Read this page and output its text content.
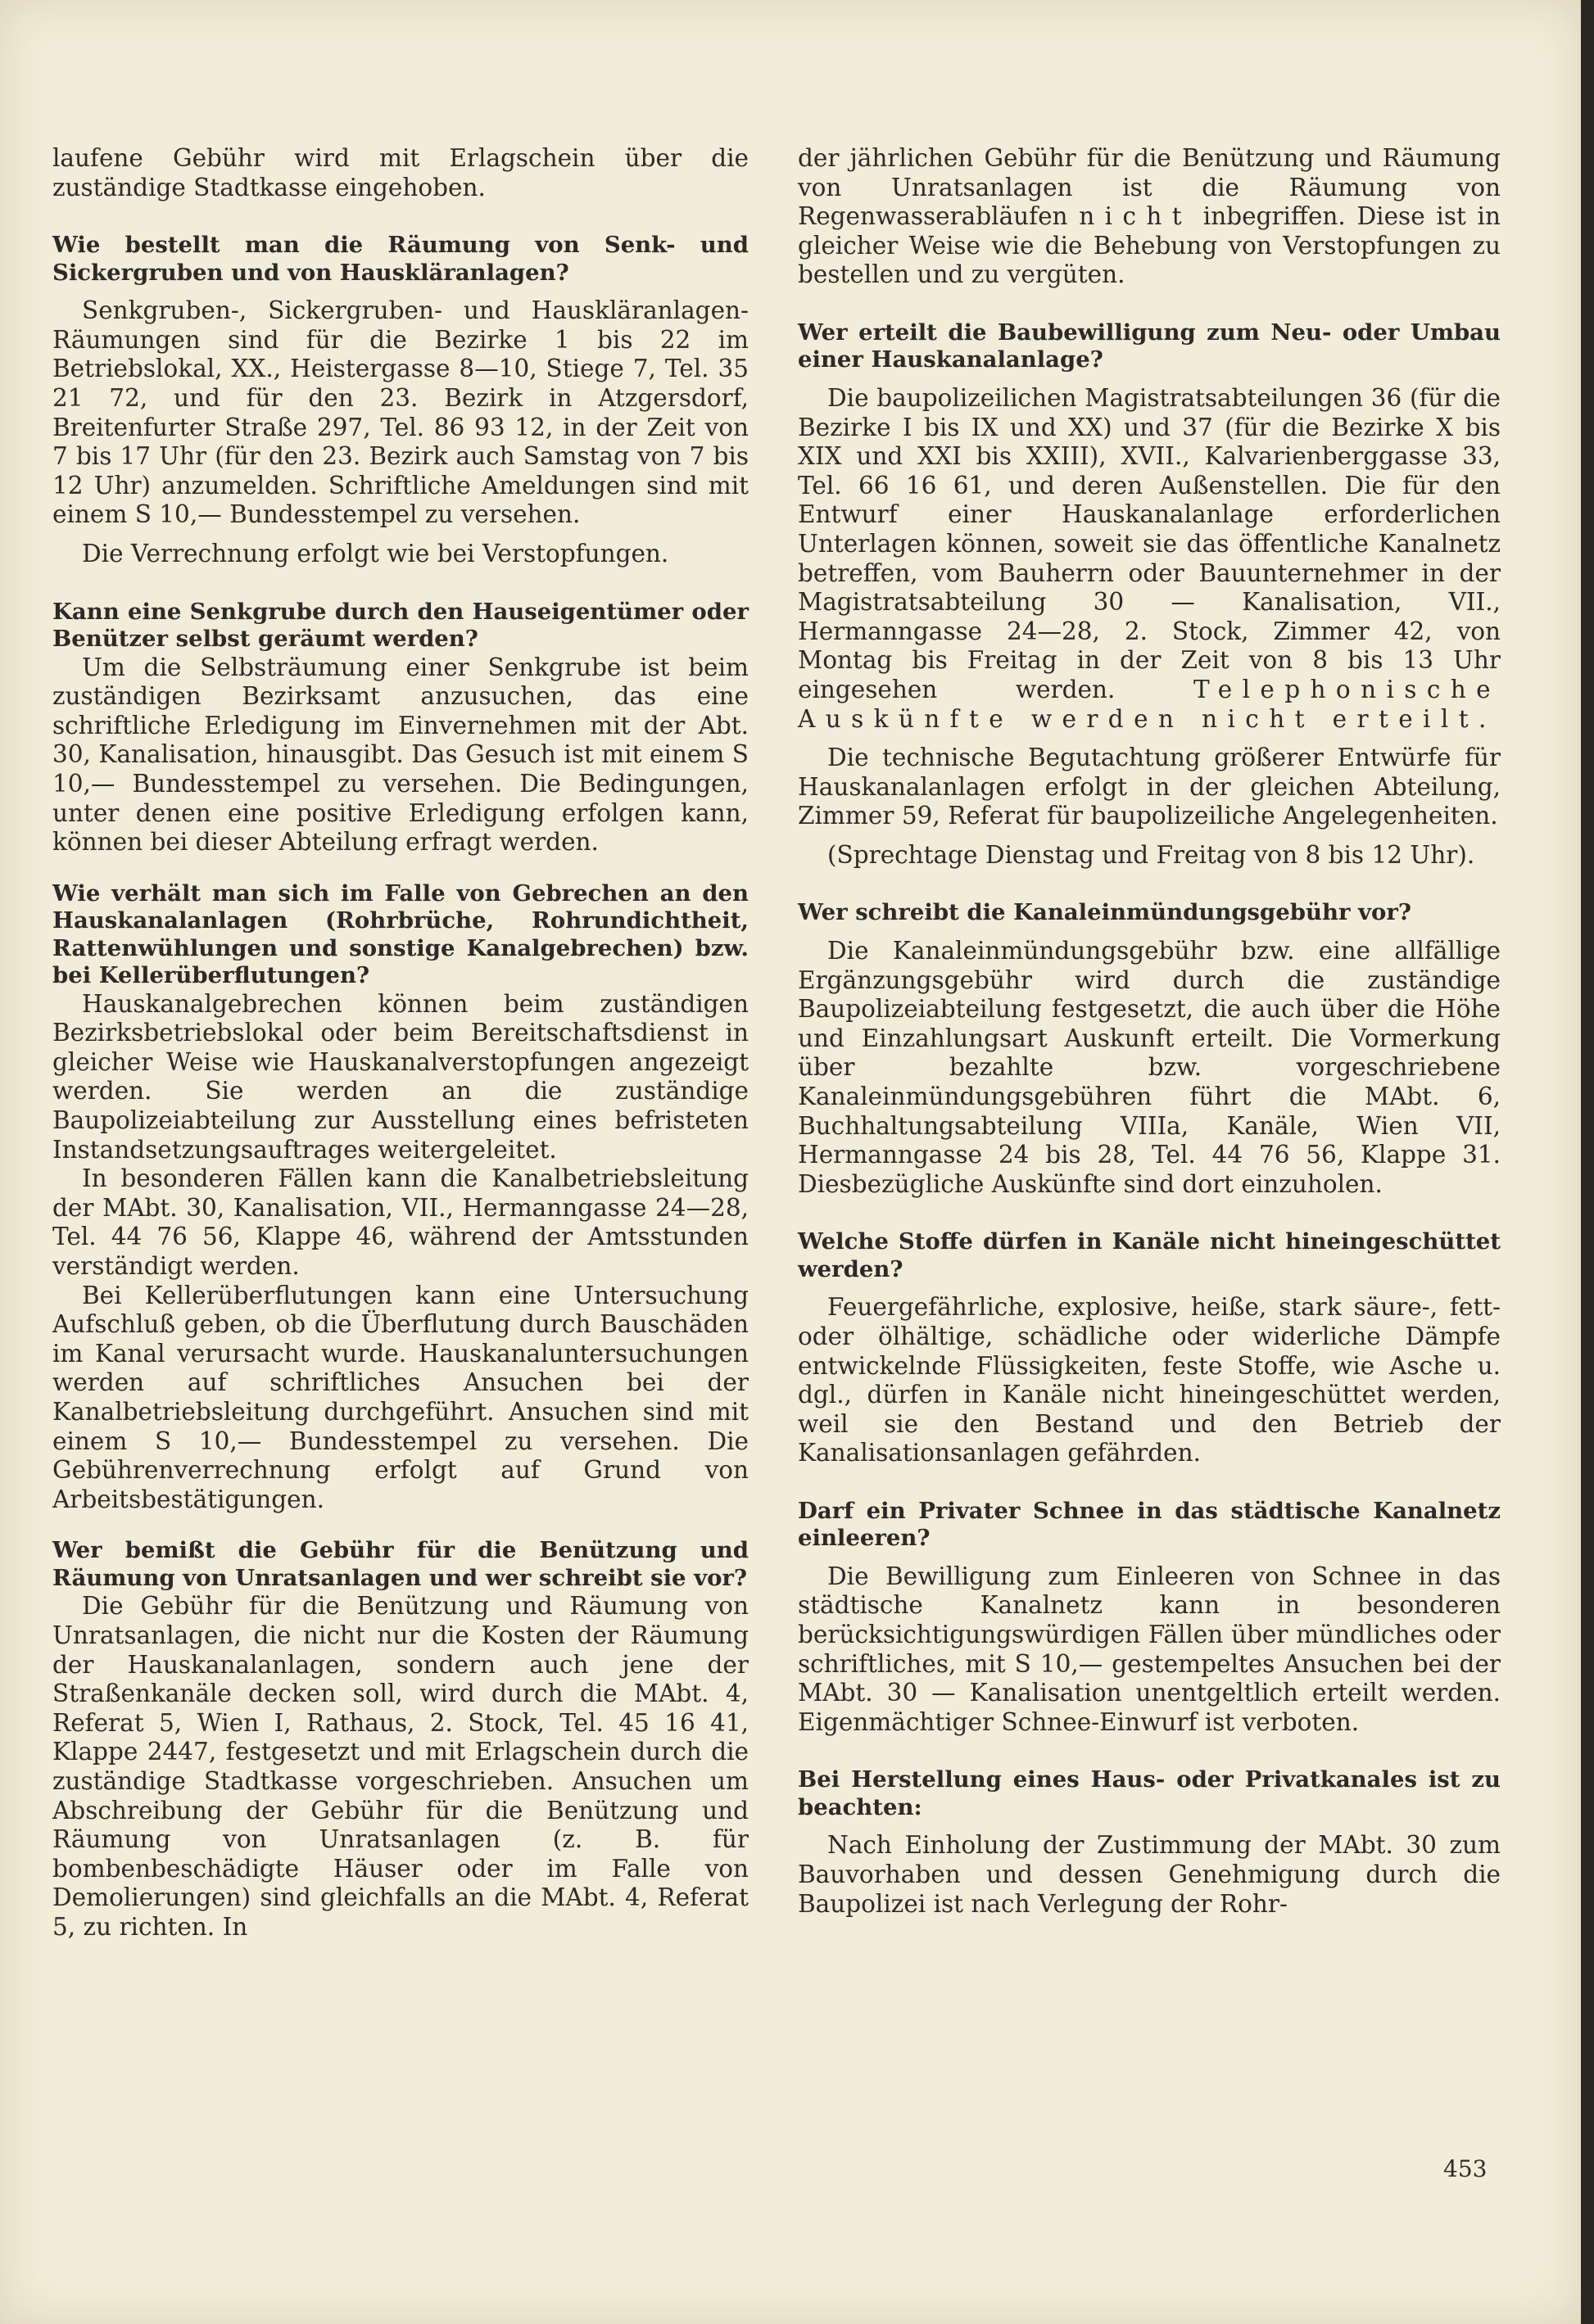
laufene Gebühr wird mit Erlagschein über die zuständige Stadtkasse eingehoben.

Wie bestellt man die Räumung von Senk- und Sickergruben und von Hauskläranlagen?

Senkgruben-, Sickergruben- und Hauskläranlagen-Räumungen sind für die Bezirke 1 bis 22 im Betriebslokal, XX., Heistergasse 8—10, Stiege 7, Tel. 35 21 72, und für den 23. Bezirk in Atzgersdorf, Breitenfurter Straße 297, Tel. 86 93 12, in der Zeit von 7 bis 17 Uhr (für den 23. Bezirk auch Samstag von 7 bis 12 Uhr) anzumelden. Schriftliche Ameldungen sind mit einem S 10,— Bundesstempel zu versehen.

Die Verrechnung erfolgt wie bei Verstopfungen.

Kann eine Senkgrube durch den Hauseigentümer oder Benützer selbst geräumt werden?

Um die Selbsträumung einer Senkgrube ist beim zuständigen Bezirksamt anzusuchen, das eine schriftliche Erledigung im Einvernehmen mit der Abt. 30, Kanalisation, hinausgibt. Das Gesuch ist mit einem S 10,— Bundesstempel zu versehen. Die Bedingungen, unter denen eine positive Erledigung erfolgen kann, können bei dieser Abteilung erfragt werden.

Wie verhält man sich im Falle von Gebrechen an den Hauskanalanlagen (Rohrbrüche, Rohrundichtheit, Rattenwühlungen und sonstige Kanalgebrechen) bzw. bei Kellerüberflutungen?

Hauskanalgebrechen können beim zuständigen Bezirksbetriebslokal oder beim Bereitschaftsdienst in gleicher Weise wie Hauskanalverstopfungen angezeigt werden. Sie werden an die zuständige Baupolizeiabteilung zur Ausstellung eines befristeten Instandsetzungsauftrages weitergeleitet.

In besonderen Fällen kann die Kanalbetriebsleitung der MAbt. 30, Kanalisation, VII., Hermanngasse 24—28, Tel. 44 76 56, Klappe 46, während der Amtsstunden verständigt werden.

Bei Kellerüberflutungen kann eine Untersuchung Aufschluß geben, ob die Überflutung durch Bauschäden im Kanal verursacht wurde. Hauskanaluntersuchungen werden auf schriftliches Ansuchen bei der Kanalbetriebsleitung durchgeführt. Ansuchen sind mit einem S 10,— Bundesstempel zu versehen. Die Gebührenverrechnung erfolgt auf Grund von Arbeitsbestätigungen.

Wer bemißt die Gebühr für die Benützung und Räumung von Unratsanlagen und wer schreibt sie vor?

Die Gebühr für die Benützung und Räumung von Unratsanlagen, die nicht nur die Kosten der Räumung der Hauskanalanlagen, sondern auch jene der Straßenkanäle decken soll, wird durch die MAbt. 4, Referat 5, Wien I, Rathaus, 2. Stock, Tel. 45 16 41, Klappe 2447, festgesetzt und mit Erlagschein durch die zuständige Stadtkasse vorgeschrieben. Ansuchen um Abschreibung der Gebühr für die Benützung und Räumung von Unratsanlagen (z. B. für bombenbeschädigte Häuser oder im Falle von Demolierungen) sind gleichfalls an die MAbt. 4, Referat 5, zu richten. In

der jährlichen Gebühr für die Benützung und Räumung von Unratsanlagen ist die Räumung von Regenwasserabläufen nicht inbegriffen. Diese ist in gleicher Weise wie die Behebung von Verstopfungen zu bestellen und zu vergüten.

Wer erteilt die Baubewilligung zum Neu- oder Umbau einer Hauskanalanlage?

Die baupolizeilichen Magistratsabteilungen 36 (für die Bezirke I bis IX und XX) und 37 (für die Bezirke X bis XIX und XXI bis XXIII), XVII., Kalvarienberggasse 33, Tel. 66 16 61, und deren Außenstellen. Die für den Entwurf einer Hauskanalanlage erforderlichen Unterlagen können, soweit sie das öffentliche Kanalnetz betreffen, vom Bauherrn oder Bauunternehmer in der Magistratsabteilung 30 — Kanalisation, VII., Hermanngasse 24—28, 2. Stock, Zimmer 42, von Montag bis Freitag in der Zeit von 8 bis 13 Uhr eingesehen werden.	Telephonische Auskünfte werden nicht erteilt.

Die technische Begutachtung größerer Entwürfe für Hauskanalanlagen erfolgt in der gleichen Abteilung, Zimmer 59, Referat für baupolizeiliche Angelegenheiten.

(Sprechtage Dienstag und Freitag von 8 bis 12 Uhr).

Wer schreibt die Kanaleinmündungsgebühr vor?

Die Kanaleinmündungsgebühr bzw. eine allfällige Ergänzungsgebühr wird durch die zuständige Baupolizeiabteilung festgesetzt, die auch über die Höhe und Einzahlungsart Auskunft erteilt. Die Vormerkung über bezahlte bzw. vorgeschriebene Kanaleinmündungsgebühren führt die MAbt. 6, Buchhaltungsabteilung VIIIa, Kanäle, Wien VII, Hermanngasse 24 bis 28, Tel. 44 76 56, Klappe 31. Diesbezügliche Auskünfte sind dort einzuholen.

Welche Stoffe dürfen in Kanäle nicht hineingeschüttet werden?

Feuergefährliche, explosive, heiße, stark säure-, fett- oder ölhältige, schädliche oder widerliche Dämpfe entwickelnde Flüssigkeiten, feste Stoffe, wie Asche u. dgl., dürfen in Kanäle nicht hineingeschüttet werden, weil sie den Bestand und den Betrieb der Kanalisationsanlagen gefährden.

Darf ein Privater Schnee in das städtische Kanalnetz einleeren?

Die Bewilligung zum Einleeren von Schnee in das städtische Kanalnetz kann in besonderen berücksichtigungswürdigen Fällen über mündliches oder schriftliches, mit S 10,— gestempeltes Ansuchen bei der MAbt. 30 — Kanalisation unentgeltlich erteilt werden. Eigenmächtiger Schnee-Einwurf ist verboten.

Bei Herstellung eines Haus- oder Privatkanales ist zu beachten:

Nach Einholung der Zustimmung der MAbt. 30 zum Bauvorhaben und dessen Genehmigung durch die Baupolizei ist nach Verlegung der Rohr-

453
